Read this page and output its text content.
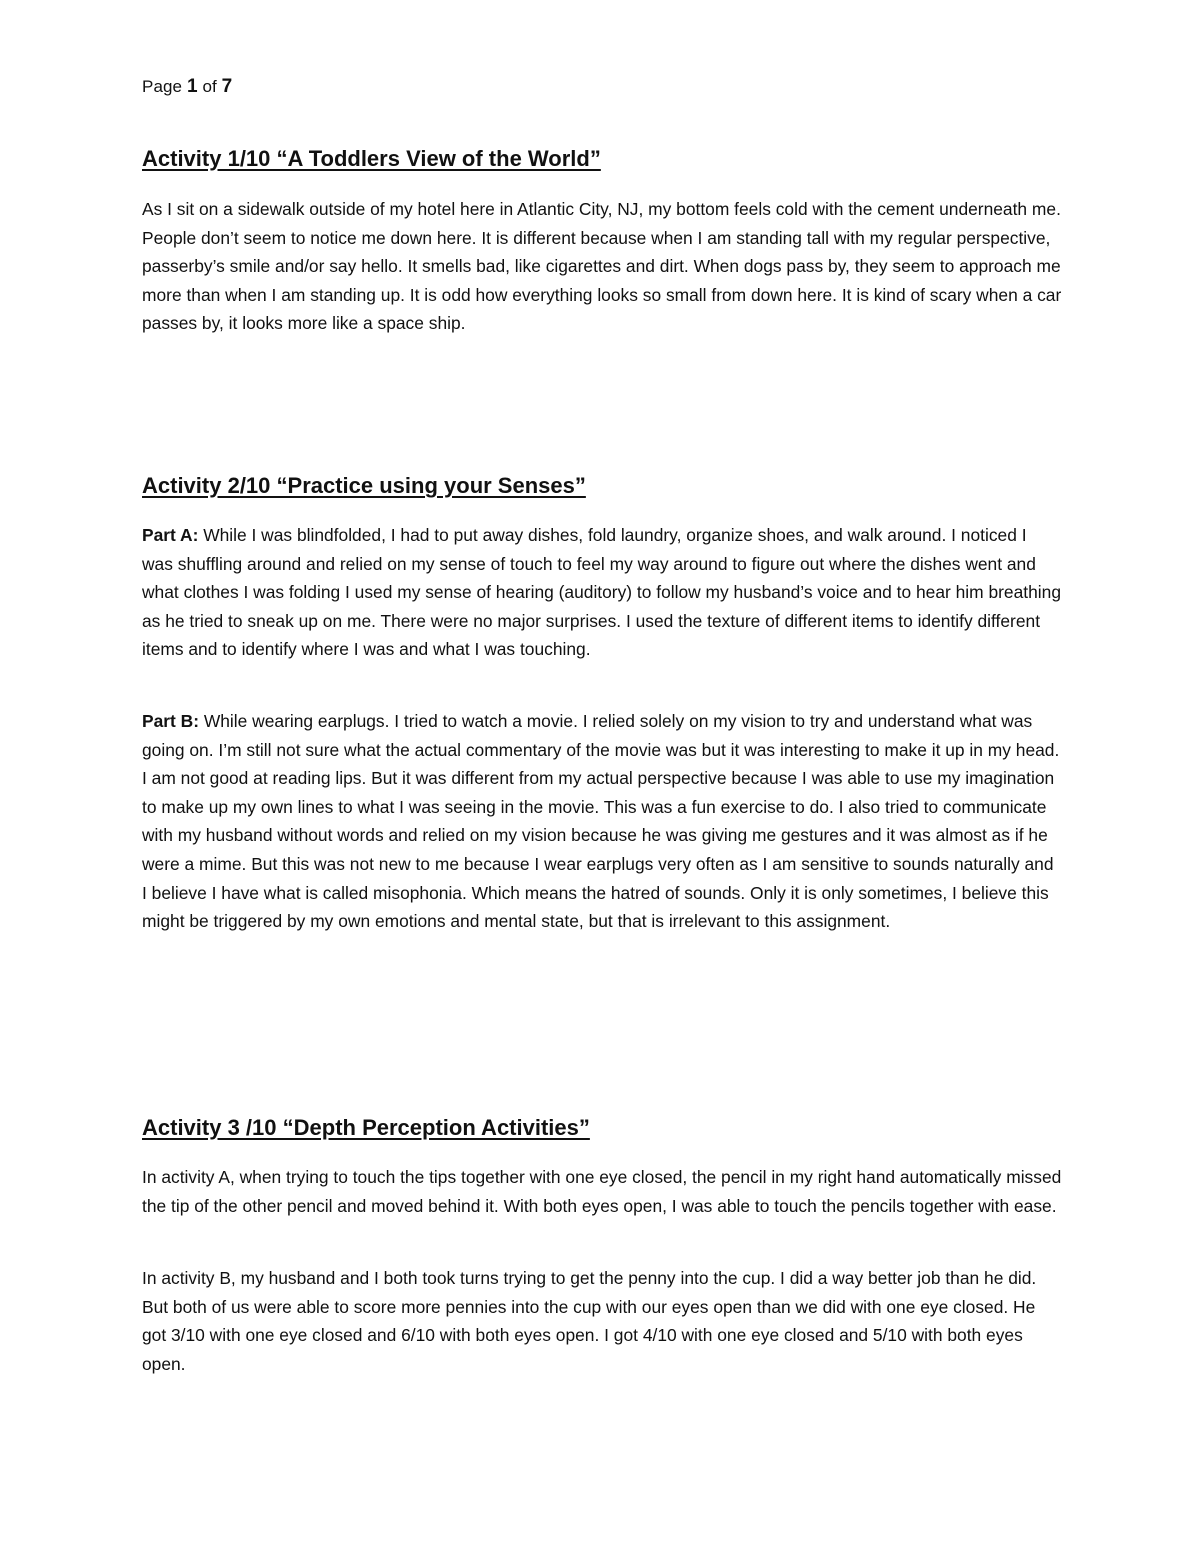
Page 1 of 7
Activity 1/10 “A Toddlers View of the World”

As I sit on a sidewalk outside of my hotel here in Atlantic City, NJ, my bottom feels cold with the cement underneath me. People don’t seem to notice me down here. It is different because when I am standing tall with my regular perspective, passerby’s smile and/or say hello. It smells bad, like cigarettes and dirt. When dogs pass by, they seem to approach me more than when I am standing up. It is odd how everything looks so small from down here. It is kind of scary when a car passes by, it looks more like a space ship.

Activity 2/10 “Practice using your Senses”

Part A: While I was blindfolded, I had to put away dishes, fold laundry, organize shoes, and walk around. I noticed I was shuffling around and relied on my sense of touch to feel my way around to figure out where the dishes went and what clothes I was folding I used my sense of hearing (auditory) to follow my husband’s voice and to hear him breathing as he tried to sneak up on me. There were no major surprises. I used the texture of different items to identify different items and to identify where I was and what I was touching.

Part B: While wearing earplugs. I tried to watch a movie. I relied solely on my vision to try and understand what was going on. I’m still not sure what the actual commentary of the movie was but it was interesting to make it up in my head. I am not good at reading lips. But it was different from my actual perspective because I was able to use my imagination to make up my own lines to what I was seeing in the movie. This was a fun exercise to do. I also tried to communicate with my husband without words and relied on my vision because he was giving me gestures and it was almost as if he were a mime. But this was not new to me because I wear earplugs very often as I am sensitive to sounds naturally and I believe I have what is called misophonia. Which means the hatred of sounds. Only it is only sometimes, I believe this might be triggered by my own emotions and mental state, but that is irrelevant to this assignment.

Activity 3 /10 “Depth Perception Activities”

In activity A, when trying to touch the tips together with one eye closed, the pencil in my right hand automatically missed the tip of the other pencil and moved behind it. With both eyes open, I was able to touch the pencils together with ease.

In activity B, my husband and I both took turns trying to get the penny into the cup. I did a way better job than he did. But both of us were able to score more pennies into the cup with our eyes open than we did with one eye closed. He got 3/10 with one eye closed and 6/10 with both eyes open. I got 4/10 with one eye closed and 5/10 with both eyes open.
